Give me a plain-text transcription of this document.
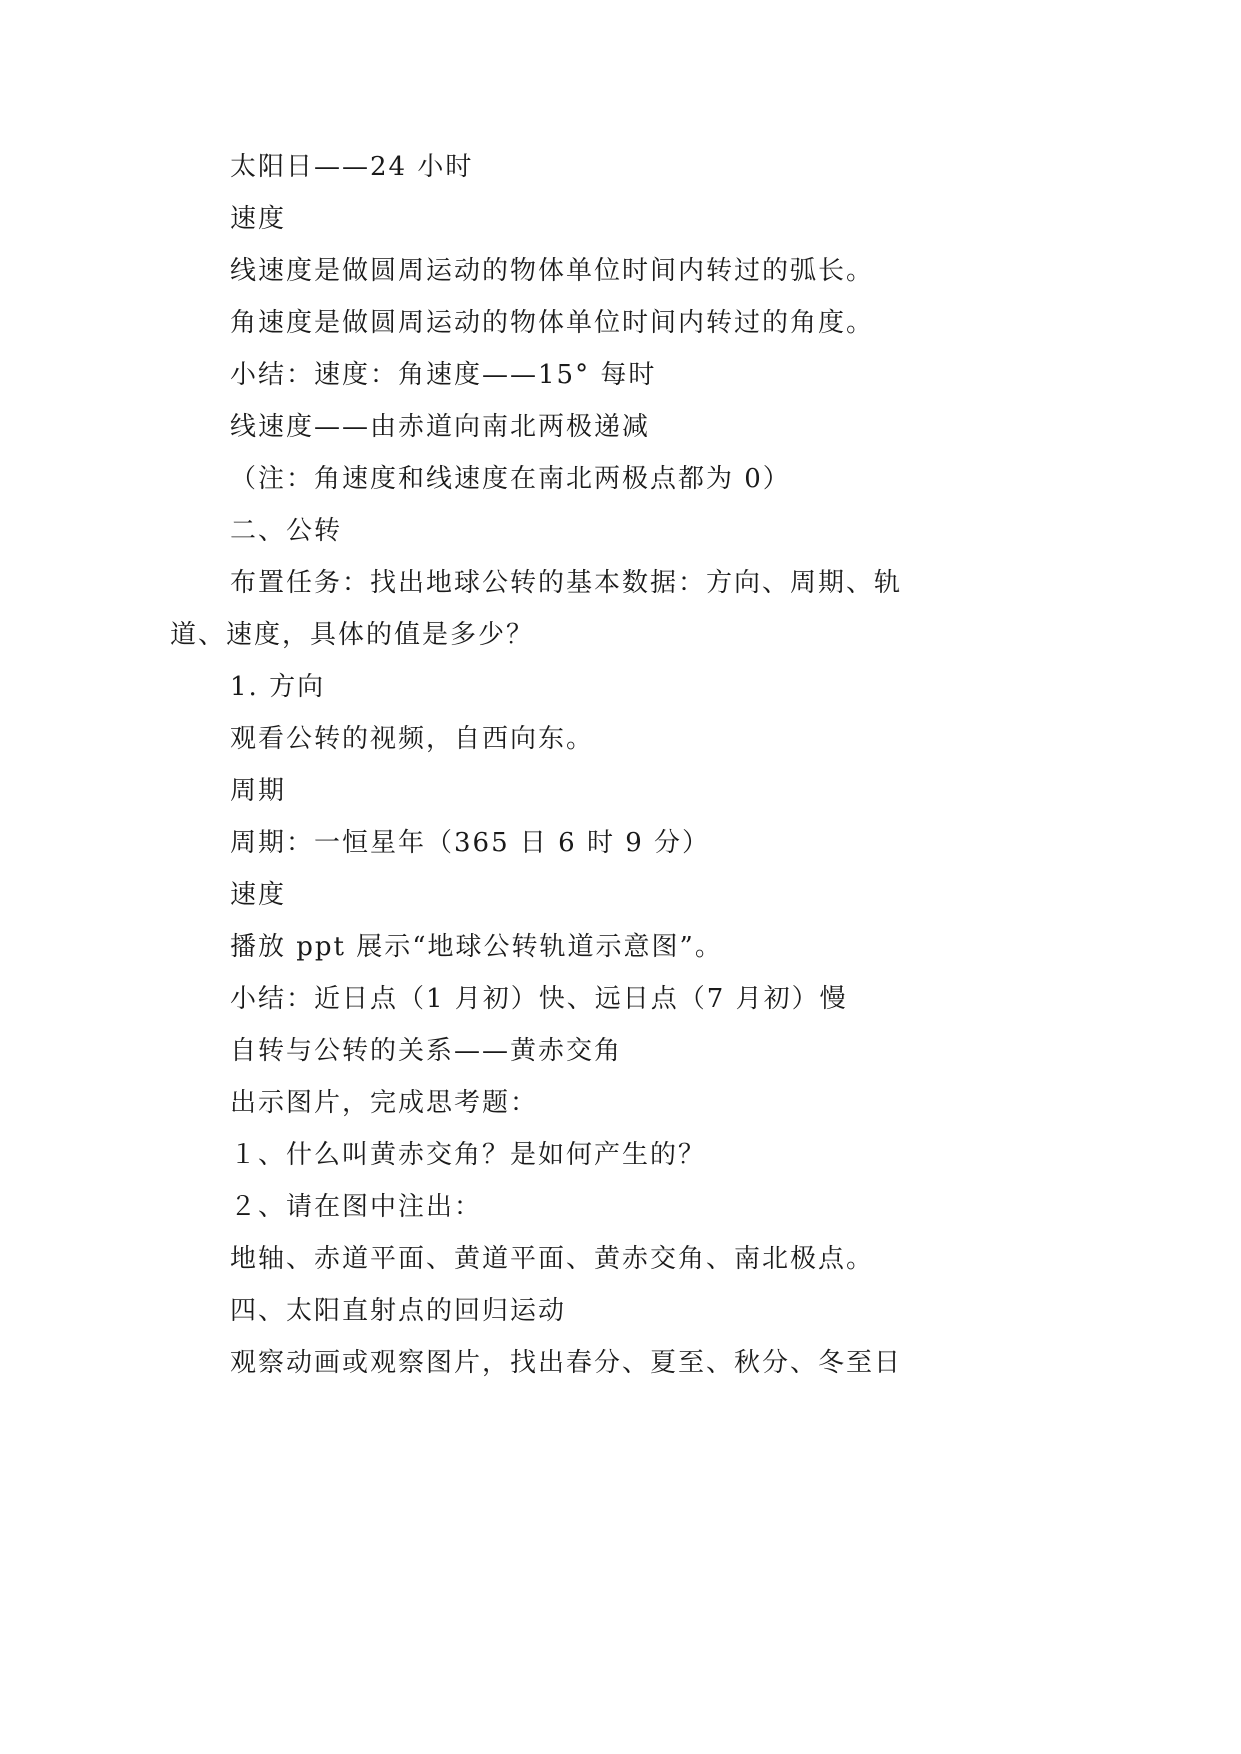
太阳日——24 小时
速度
线速度是做圆周运动的物体单位时间内转过的弧长。
角速度是做圆周运动的物体单位时间内转过的角度。
小结：速度：角速度——15° 每时
线速度——由赤道向南北两极递减
（注：角速度和线速度在南北两极点都为 0）
二、公转
布置任务：找出地球公转的基本数据：方向、周期、轨
道、速度，具体的值是多少？
1. 方向
观看公转的视频，自西向东。
周期
周期：一恒星年（365 日 6 时 9 分）
速度
播放 ppt 展示“地球公转轨道示意图”。
小结：近日点（1 月初）快、远日点（7 月初）慢
自转与公转的关系——黄赤交角
出示图片，完成思考题：
１、什么叫黄赤交角？是如何产生的？
２、请在图中注出：
地轴、赤道平面、黄道平面、黄赤交角、南北极点。
四、太阳直射点的回归运动
观察动画或观察图片，找出春分、夏至、秋分、冬至日
